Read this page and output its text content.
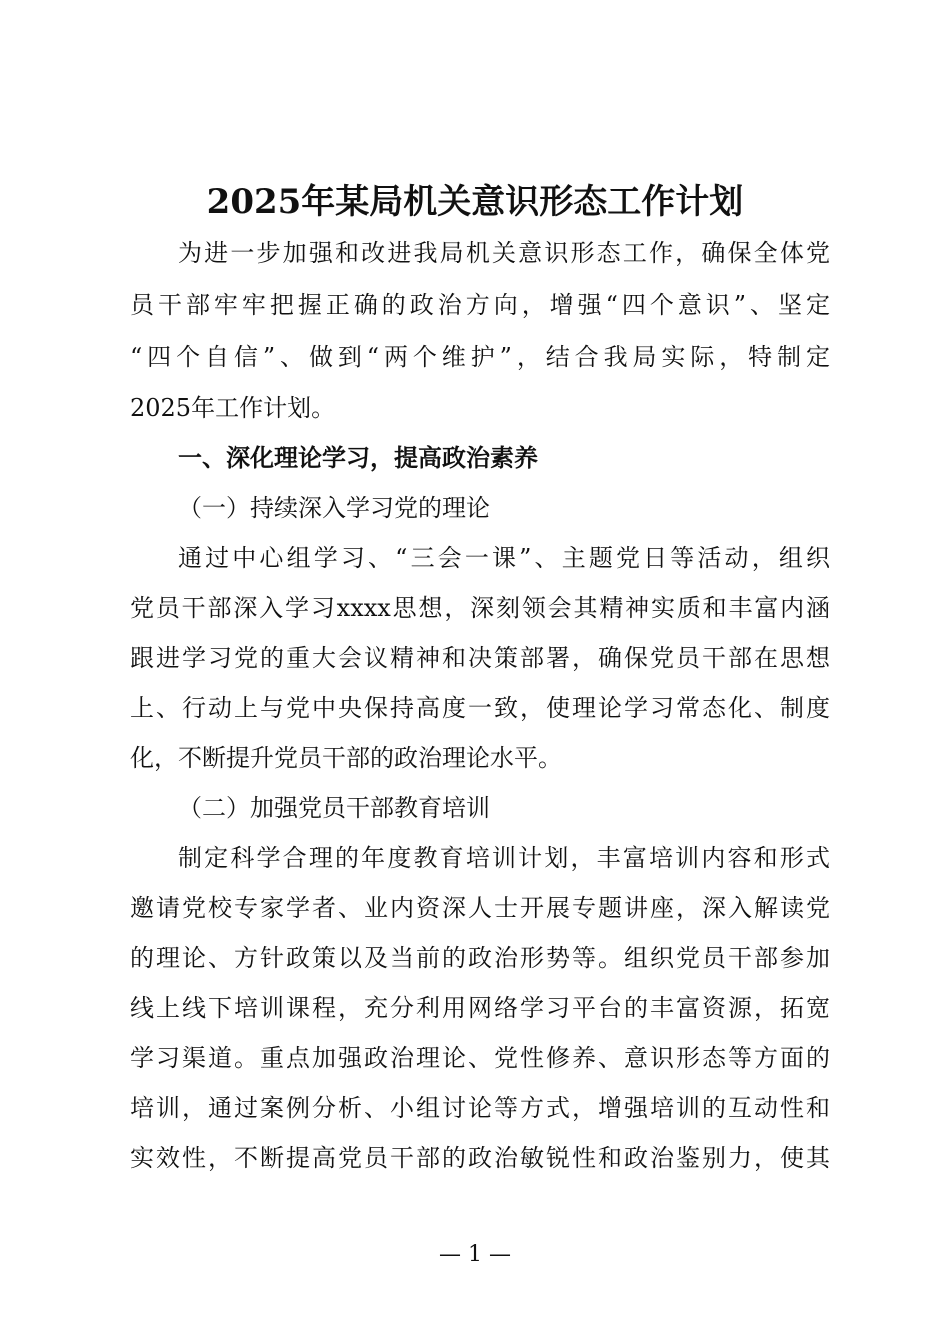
2025年某局机关意识形态工作计划
为进一步加强和改进我局机关意识形态工作，确保全体党
员干部牢牢把握正确的政治方向，增强“四个意识”、坚定
“四个自信”、做到“两个维护”，结合我局实际，特制定
2025年工作计划。
一、深化理论学习，提高政治素养
（一）持续深入学习党的理论
通过中心组学习、“三会一课”、主题党日等活动，组织
党员干部深入学习xxxx思想，深刻领会其精神实质和丰富内涵
跟进学习党的重大会议精神和决策部署，确保党员干部在思想
上、行动上与党中央保持高度一致，使理论学习常态化、制度
化，不断提升党员干部的政治理论水平。
（二）加强党员干部教育培训
制定科学合理的年度教育培训计划，丰富培训内容和形式
邀请党校专家学者、业内资深人士开展专题讲座，深入解读党
的理论、方针政策以及当前的政治形势等。组织党员干部参加
线上线下培训课程，充分利用网络学习平台的丰富资源，拓宽
学习渠道。重点加强政治理论、党性修养、意识形态等方面的
培训，通过案例分析、小组讨论等方式，增强培训的互动性和
实效性，不断提高党员干部的政治敏锐性和政治鉴别力，使其
— 1 —
